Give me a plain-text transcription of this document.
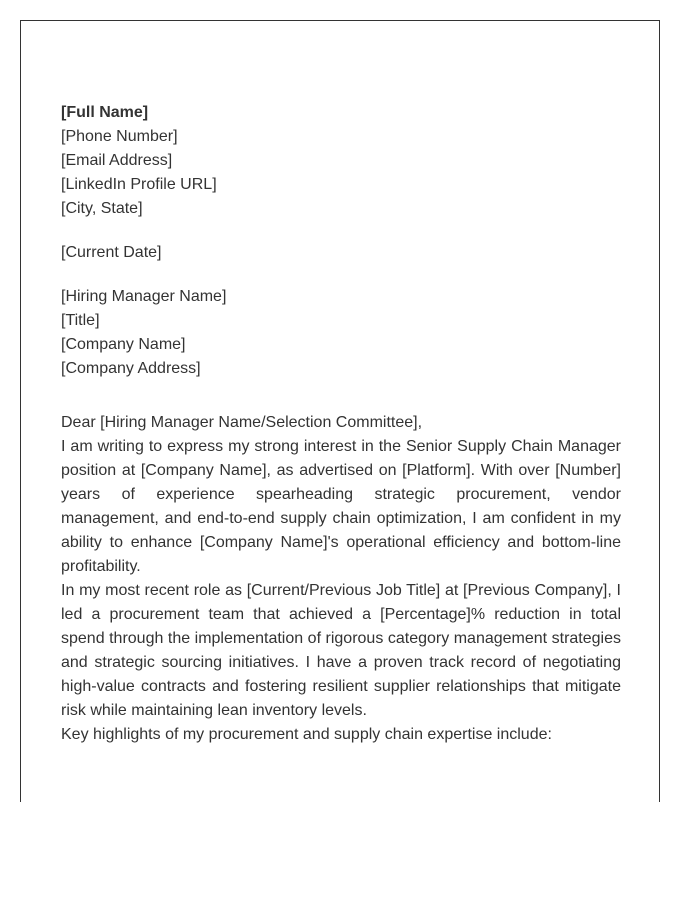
[Full Name]
[Phone Number]
[Email Address]
[LinkedIn Profile URL]
[City, State]
[Current Date]
[Hiring Manager Name]
[Title]
[Company Name]
[Company Address]
Dear [Hiring Manager Name/Selection Committee],

I am writing to express my strong interest in the Senior Supply Chain Manager position at [Company Name], as advertised on [Platform]. With over [Number] years of experience spearheading strategic procurement, vendor management, and end-to-end supply chain optimization, I am confident in my ability to enhance [Company Name]'s operational efficiency and bottom-line profitability.

In my most recent role as [Current/Previous Job Title] at [Previous Company], I led a procurement team that achieved a [Percentage]% reduction in total spend through the implementation of rigorous category management strategies and strategic sourcing initiatives. I have a proven track record of negotiating high-value contracts and fostering resilient supplier relationships that mitigate risk while maintaining lean inventory levels.

Key highlights of my procurement and supply chain expertise include:
